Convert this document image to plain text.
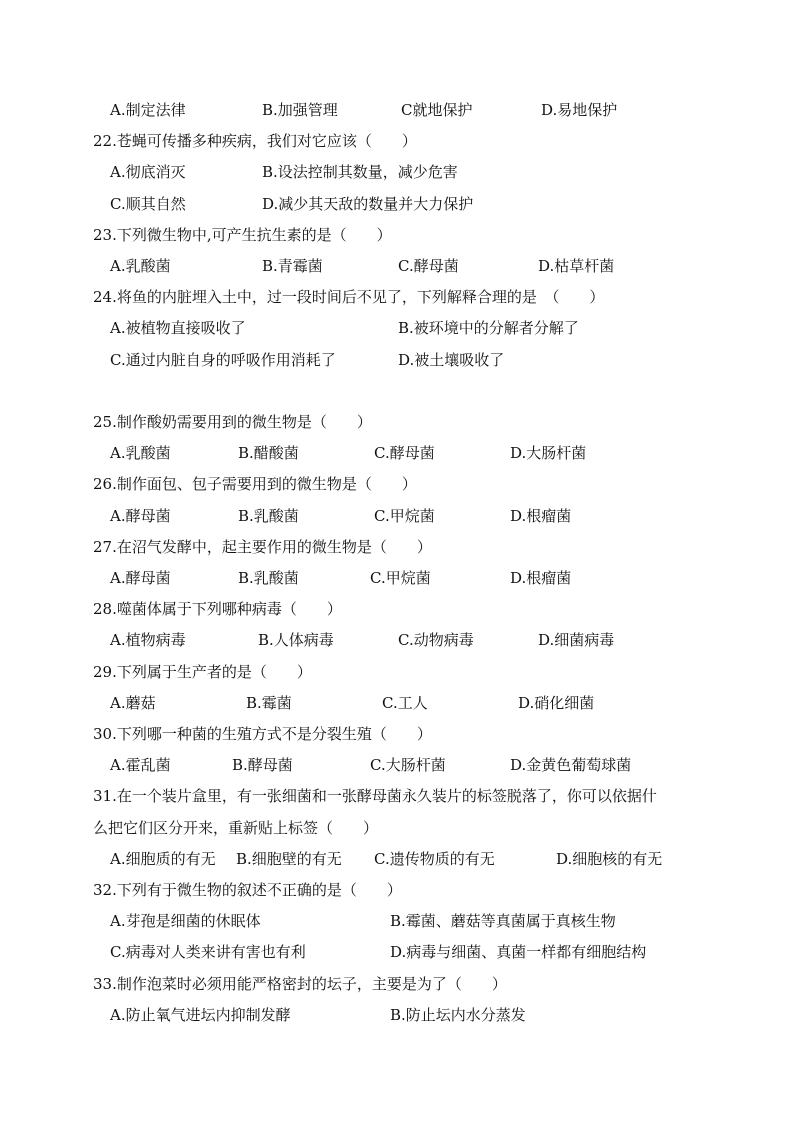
A.制定法律	B.加强管理	C就地保护	D.易地保护
22.苍蝇可传播多种疾病，我们对它应该（　　）
A.彻底消灭	B.设法控制其数量，减少危害
C.顺其自然	D.减少其天敌的数量并大力保护
23.下列微生物中,可产生抗生素的是（　　）
A.乳酸菌	B.青霉菌	C.酵母菌	D.枯草杆菌
24.将鱼的内脏埋入土中，过一段时间后不见了，下列解释合理的是　（　　）
A.被植物直接吸收了	B.被环境中的分解者分解了
C.通过内脏自身的呼吸作用消耗了	D.被土壤吸收了
25.制作酸奶需要用到的微生物是（　　）
A.乳酸菌	B.醋酸菌	C.酵母菌	D.大肠杆菌
26.制作面包、包子需要用到的微生物是（　　）
A.酵母菌	B.乳酸菌	C.甲烷菌	D.根瘤菌
27.在沼气发酵中，起主要作用的微生物是（　　）
A.酵母菌	B.乳酸菌	C.甲烷菌	D.根瘤菌
28.噬菌体属于下列哪种病毒（　　）
A.植物病毒	B.人体病毒	C.动物病毒	D.细菌病毒
29.下列属于生产者的是（　　）
A.蘑菇	B.霉菌	C.工人	D.硝化细菌
30.下列哪一种菌的生殖方式不是分裂生殖（　　）
A.霍乱菌	B.酵母菌	C.大肠杆菌	D.金黄色葡萄球菌
31.在一个装片盒里，有一张细菌和一张酵母菌永久装片的标签脱落了，你可以依据什
么把它们区分开来，重新贴上标签（　　）
A.细胞质的有无 B.细胞壁的有无 C.遗传物质的有无	D.细胞核的有无
32.下列有于微生物的叙述不正确的是（　　）
A.芽孢是细菌的休眠体	B.霉菌、蘑菇等真菌属于真核生物
C.病毒对人类来讲有害也有利	D.病毒与细菌、真菌一样都有细胞结构
33.制作泡菜时必须用能严格密封的坛子，主要是为了（　　）
A.防止氧气进坛内抑制发酵	B.防止坛内水分蒸发
